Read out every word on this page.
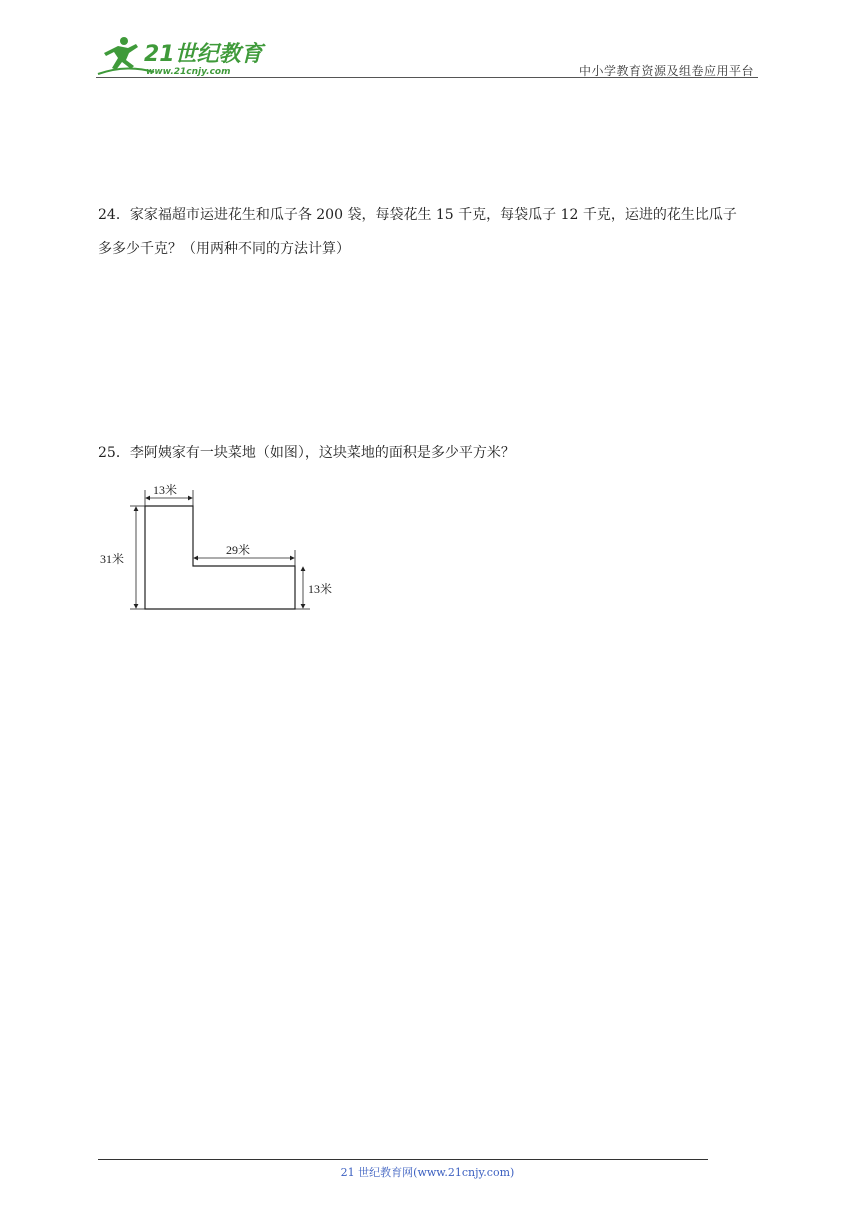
21世纪教育
www.21cnjy.com	中小学教育资源及组卷应用平台
24．家家福超市运进花生和瓜子各 200 袋，每袋花生 15 千克，每袋瓜子 12 千克，运进的花生比瓜子
多多少千克？（用两种不同的方法计算）
25．李阿姨家有一块菜地（如图），这块菜地的面积是多少平方米？
13米
29米
31米
13米
21 世纪教育网(www.21cnjy.com)
